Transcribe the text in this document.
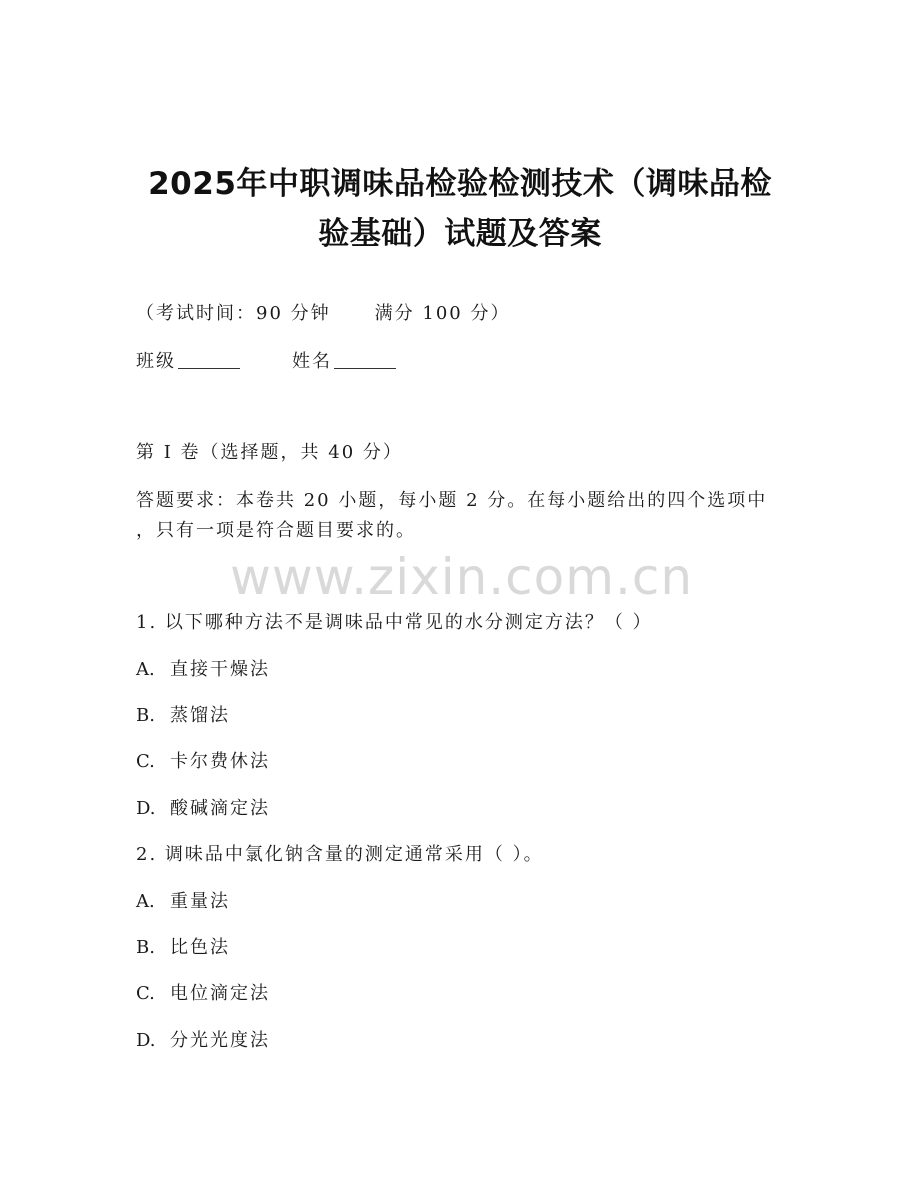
2025年中职调味品检验检测技术（调味品检
验基础）试题及答案
（考试时间：90 分钟 满分 100 分）
班级	姓名
第 I 卷（选择题，共 40 分）
答题要求：本卷共 20 小题，每小题 2 分。在每小题给出的四个选项中
，只有一项是符合题目要求的。
www.zixin.com.cn
1. 以下哪种方法不是调味品中常见的水分测定方法？（ ）
A. 直接干燥法
B. 蒸馏法
C. 卡尔费休法
D. 酸碱滴定法
2. 调味品中氯化钠含量的测定通常采用（ ）。
A. 重量法
B. 比色法
C. 电位滴定法
D. 分光光度法
